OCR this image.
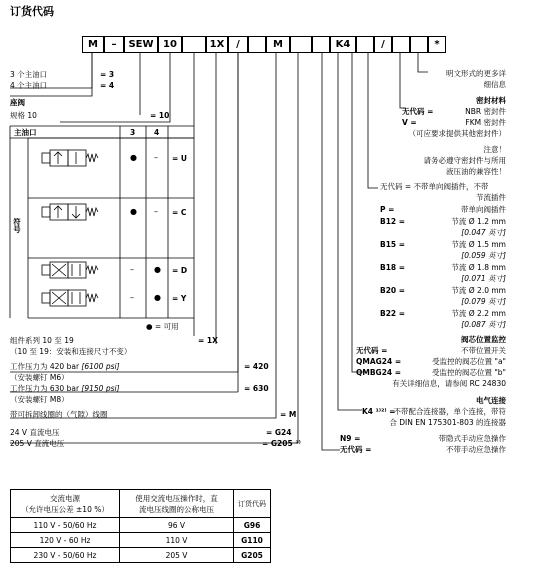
订货代码
M	–	SEW 10	1X	/	M	K4	/	*
3 个主油口	= 3
4 个主油口	= 4
座阀
规格 10	= 10
主油口	3	4
符号
● – = U
● – = C
–	● = D
–	● = Y
● = 可用
组件系列 10 至 19	= 1X
（10 至 19：安装和连接尺寸不变）
工作压力为 420 bar [6100 psi]	= 420
（安装螺钉 M6）
工作压力为 630 bar [9150 psi]	= 630
（安装螺钉 M8）
带可拆卸线圈的（气隙）线圈	= M
24 V 直流电压	= G24
205 V 直流电压	= G205 ²⁾
明文形式的更多详
细信息
密封材料
无代码 =	NBR 密封件
V =	FKM 密封件
（可应要求提供其他密封件）
注意！
请务必遵守密封件与所用
液压油的兼容性！
无代码 = 不带单向阀插件，不带
节流插件
P =	带单向阀插件
B12 =	节流 Ø 1.2 mm
[0.047 英寸]
B15 =	节流 Ø 1.5 mm
[0.059 英寸]
B18 =	节流 Ø 1.8 mm
[0.071 英寸]
B20 =	节流 Ø 2.0 mm
[0.079 英寸]
B22 =	节流 Ø 2.2 mm
[0.087 英寸]
阀芯位置监控
无代码 =	不带位置开关
QMAG24 =	受监控的阀芯位置 "a"
QMBG24 =	受监控的阀芯位置 "b"
有关详细信息，请参阅 RC 24830
电气连接
K4 ¹⁾²⁾ =
不带配合连接器，单个连接，带符
合 DIN EN 175301-803 的连接器
N9 =	带隐式手动应急操作
无代码 =	不带手动应急操作
交流电源
（允许电压公差 ±10 %）	使用交流电压操作时，直
流电压线圈的公称电压	订货代码
110 V - 50/60 Hz	96 V	G96
120 V - 60 Hz	110 V	G110
230 V - 50/60 Hz	205 V	G205
